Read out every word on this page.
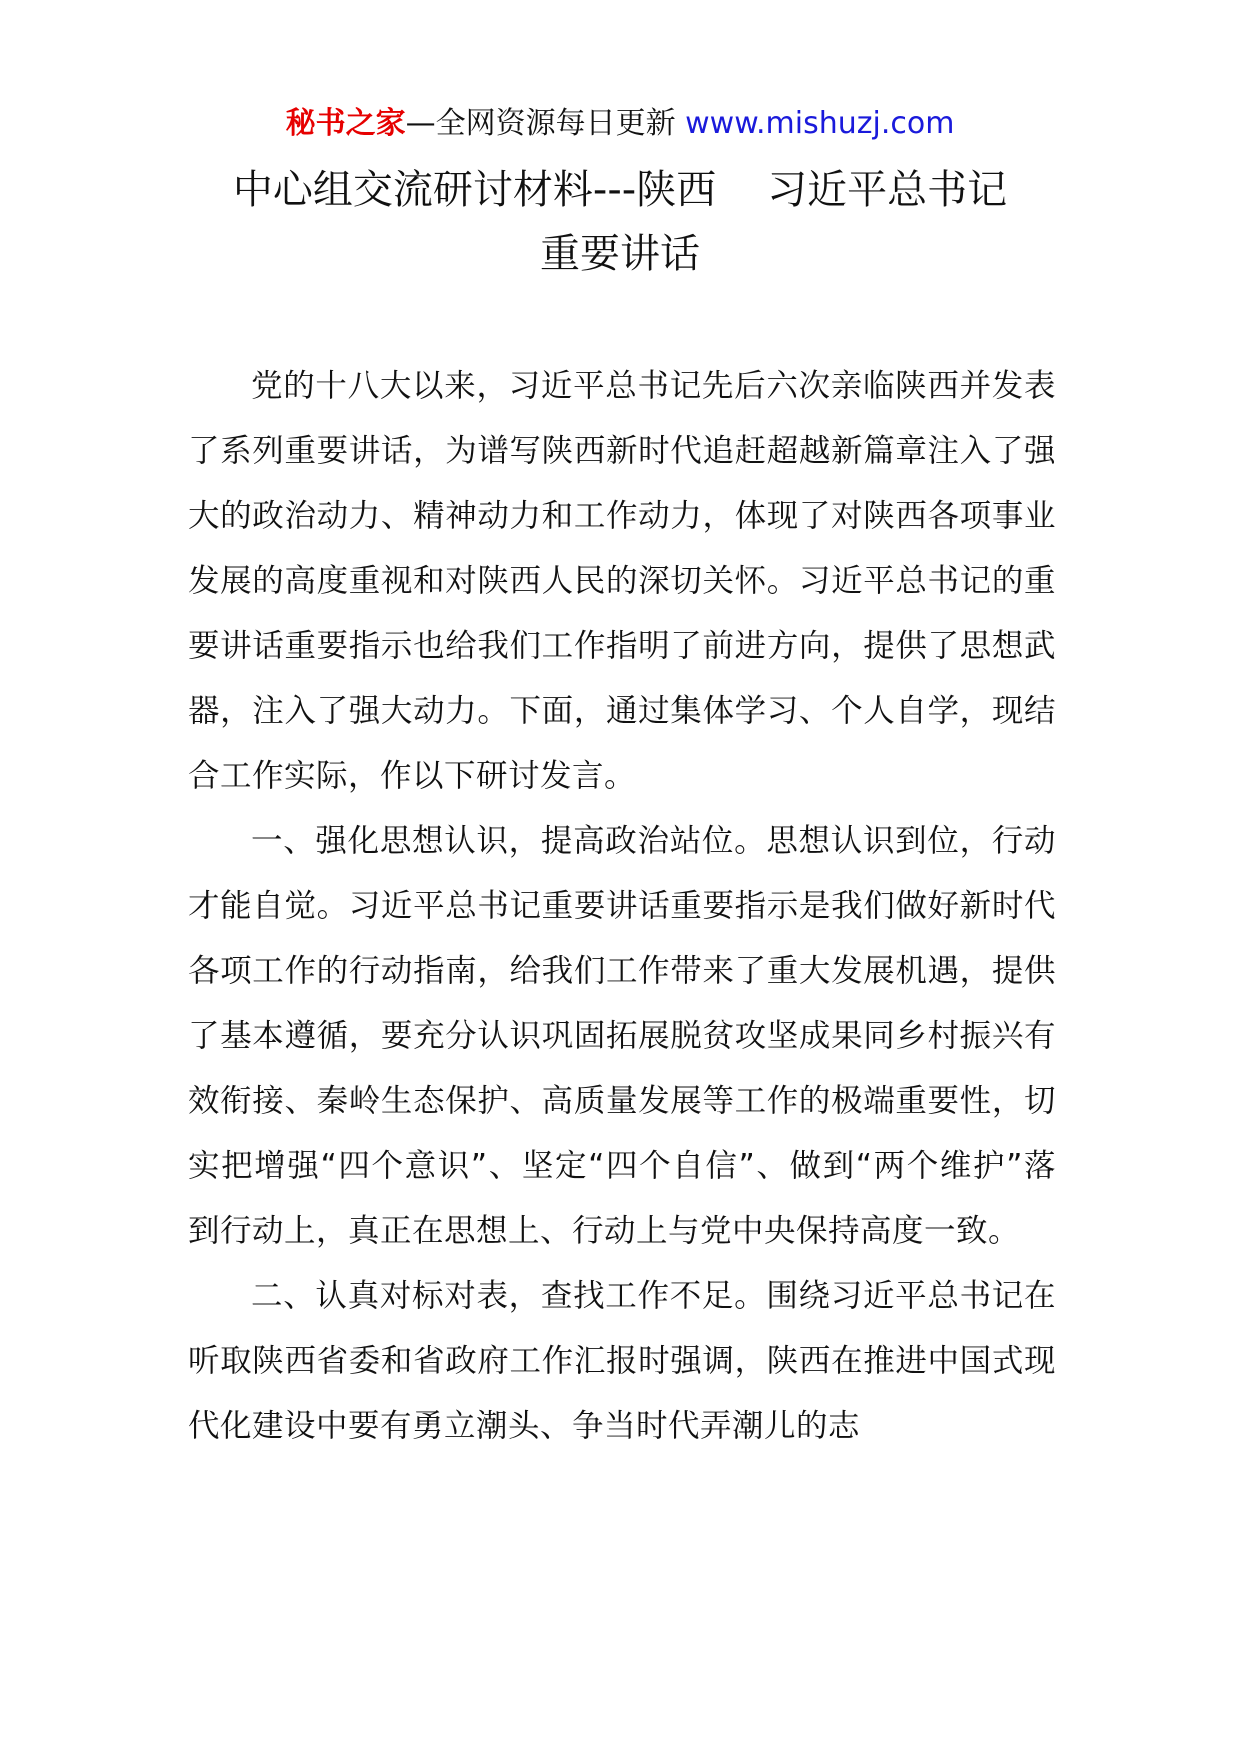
秘书之家—全网资源每日更新 www.mishuzj.com
中心组交流研讨材料---陕西    习近平总书记
重要讲话

党的十八大以来，习近平总书记先后六次亲临陕西并发表了系列重要讲话，为谱写陕西新时代追赶超越新篇章注入了强大的政治动力、精神动力和工作动力，体现了对陕西各项事业发展的高度重视和对陕西人民的深切关怀。习近平总书记的重要讲话重要指示也给我们工作指明了前进方向，提供了思想武器，注入了强大动力。下面，通过集体学习、个人自学，现结合工作实际，作以下研讨发言。

一、强化思想认识，提高政治站位。思想认识到位，行动才能自觉。习近平总书记重要讲话重要指示是我们做好新时代各项工作的行动指南，给我们工作带来了重大发展机遇，提供了基本遵循，要充分认识巩固拓展脱贫攻坚成果同乡村振兴有效衔接、秦岭生态保护、高质量发展等工作的极端重要性，切实把增强“四个意识”、坚定“四个自信”、做到“两个维护”落到行动上，真正在思想上、行动上与党中央保持高度一致。

二、认真对标对表，查找工作不足。围绕习近平总书记在听取陕西省委和省政府工作汇报时强调，陕西在推进中国式现代化建设中要有勇立潮头、争当时代弄潮儿的志
